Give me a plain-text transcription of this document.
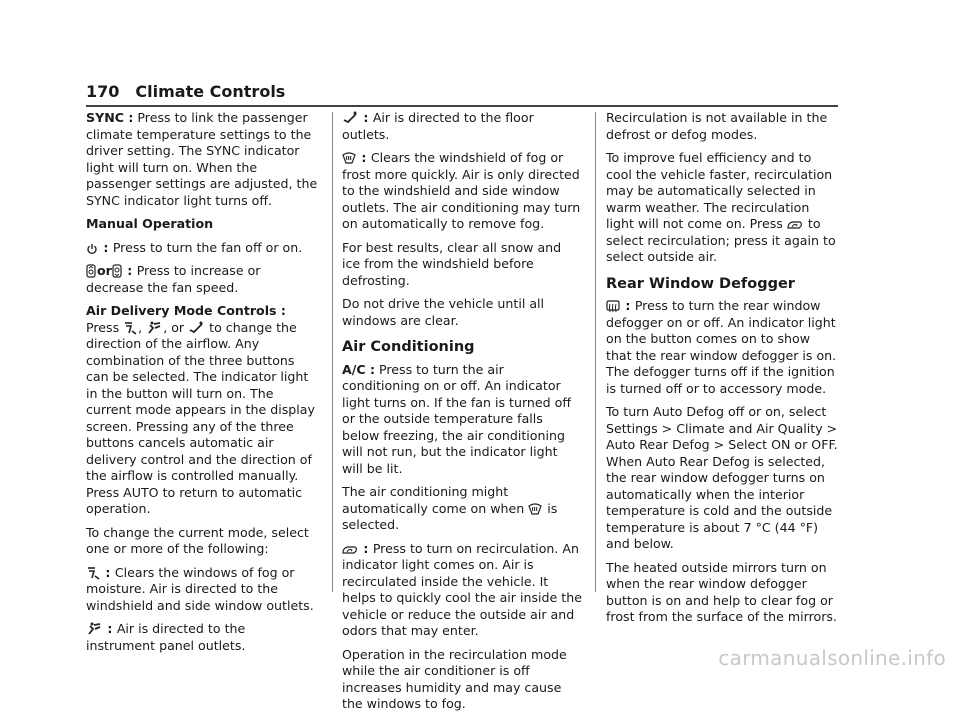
170 Climate Controls

SYNC : Press to link the passenger climate temperature settings to the driver setting. The SYNC indicator light will turn on. When the passenger settings are adjusted, the SYNC indicator light turns off.

Manual Operation

: Press to turn the fan off or on.

or
: Press to increase or decrease the fan speed.

Air Delivery Mode Controls : Press ,
, or to change the direction of the airflow. Any combination of the three buttons can be selected. The indicator light in the button will turn on. The current mode appears in the display screen. Pressing any of the three buttons cancels automatic air delivery control and the direction of the airflow is controlled manually. Press AUTO to return to automatic operation.

To change the current mode, select one or more of the following:

: Clears the windows of fog or moisture. Air is directed to the windshield and side window outlets.

: Air is directed to the instrument panel outlets.

: Air is directed to the floor outlets.

: Clears the windshield of fog or frost more quickly. Air is only directed to the windshield and side window outlets. The air conditioning may turn on automatically to remove fog.

For best results, clear all snow and ice from the windshield before defrosting.

Do not drive the vehicle until all windows are clear.

Air Conditioning

A/C : Press to turn the air conditioning on or off. An indicator light turns on. If the fan is turned off or the outside temperature falls below freezing, the air conditioning will not run, but the indicator light will be lit.

The air conditioning might automatically come on when is selected.

: Press to turn on recirculation. An indicator light comes on. Air is recirculated inside the vehicle. It helps to quickly cool the air inside the vehicle or reduce the outside air and odors that may enter.

Operation in the recirculation mode while the air conditioner is off increases humidity and may cause the windows to fog.

Recirculation is not available in the defrost or defog modes.

To improve fuel efficiency and to cool the vehicle faster, recirculation may be automatically selected in warm weather. The recirculation light will not come on. Press to select recirculation; press it again to select outside air.

Rear Window Defogger

: Press to turn the rear window defogger on or off. An indicator light on the button comes on to show that the rear window defogger is on. The defogger turns off if the ignition is turned off or to accessory mode.

To turn Auto Defog off or on, select Settings > Climate and Air Quality > Auto Rear Defog > Select ON or OFF. When Auto Rear Defog is selected, the rear window defogger turns on automatically when the interior temperature is cold and the outside temperature is about 7 °C (44 °F) and below.

The heated outside mirrors turn on when the rear window defogger button is on and help to clear fog or frost from the surface of the mirrors.

carmanualsonline.info
